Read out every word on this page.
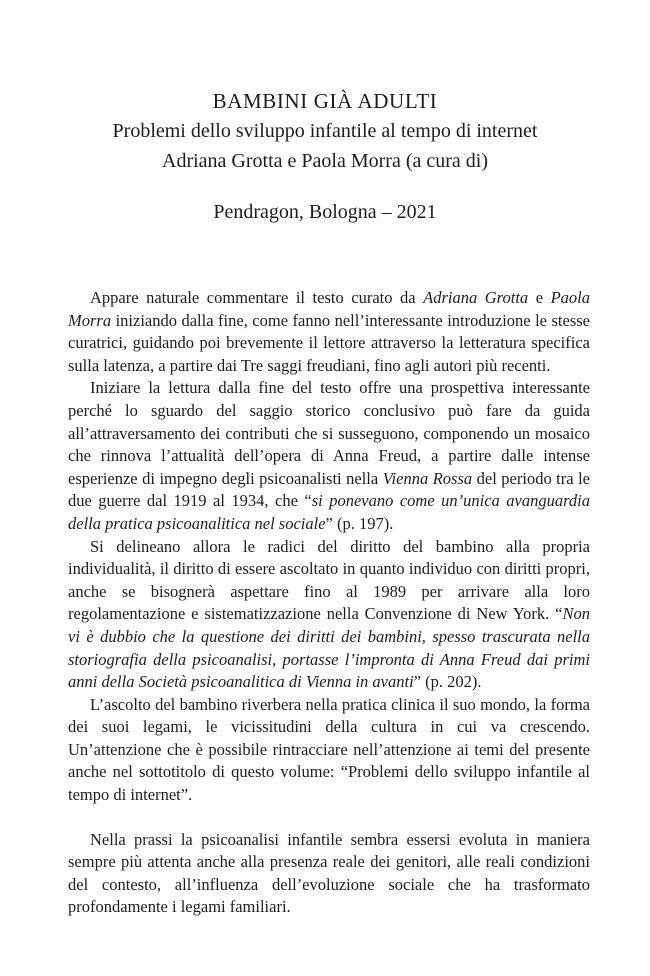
BAMBINI GIÀ ADULTI

Problemi dello sviluppo infantile al tempo di internet

Adriana Grotta e Paola Morra (a cura di)

Pendragon, Bologna – 2021

Appare naturale commentare il testo curato da Adriana Grotta e Paola Morra iniziando dalla fine, come fanno nell’interessante introduzione le stesse curatrici, guidando poi brevemente il lettore attraverso la letteratura specifica sulla latenza, a partire dai Tre saggi freudiani, fino agli autori più recenti.

Iniziare la lettura dalla fine del testo offre una prospettiva interessante perché lo sguardo del saggio storico conclusivo può fare da guida all’attraversamento dei contributi che si susseguono, componendo un mosaico che rinnova l’attualità dell’opera di Anna Freud, a partire dalle intense esperienze di impegno degli psicoanalisti nella Vienna Rossa del periodo tra le due guerre dal 1919 al 1934, che “si ponevano come un’unica avanguardia della pratica psicoanalitica nel sociale” (p. 197).

Si delineano allora le radici del diritto del bambino alla propria individualità, il diritto di essere ascoltato in quanto individuo con diritti propri, anche se bisognerà aspettare fino al 1989 per arrivare alla loro regolamentazione e sistematizzazione nella Convenzione di New York. “Non vi è dubbio che la questione dei diritti dei bambini, spesso trascurata nella storiografia della psicoanalisi, portasse l’impronta di Anna Freud dai primi anni della Società psicoanalitica di Vienna in avanti” (p. 202).

L’ascolto del bambino riverbera nella pratica clinica il suo mondo, la forma dei suoi legami, le vicissitudini della cultura in cui va crescendo. Un’attenzione che è possibile rintracciare nell’attenzione ai temi del presente anche nel sottotitolo di questo volume: “Problemi dello sviluppo infantile al tempo di internet”.

Nella prassi la psicoanalisi infantile sembra essersi evoluta in maniera sempre più attenta anche alla presenza reale dei genitori, alle reali condizioni del contesto, all’influenza dell’evoluzione sociale che ha trasformato profondamente i legami familiari.
